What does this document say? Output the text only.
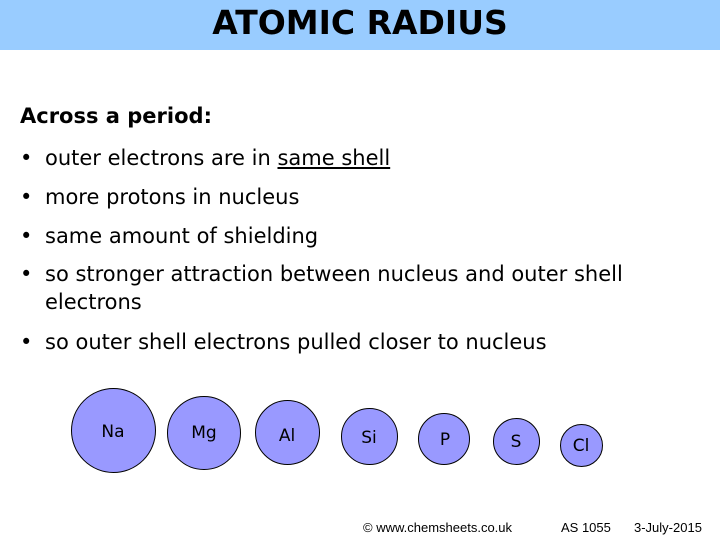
ATOMIC RADIUS
Across a period:
• outer electrons are in same shell
• more protons in nucleus
• same amount of shielding
• so stronger attraction between nucleus and outer shell electrons
• so outer shell electrons pulled closer to nucleus
Na	Mg	Al	Si	P	S	Cl
© www.chemsheets.co.uk	AS 1055 3-July-2015
